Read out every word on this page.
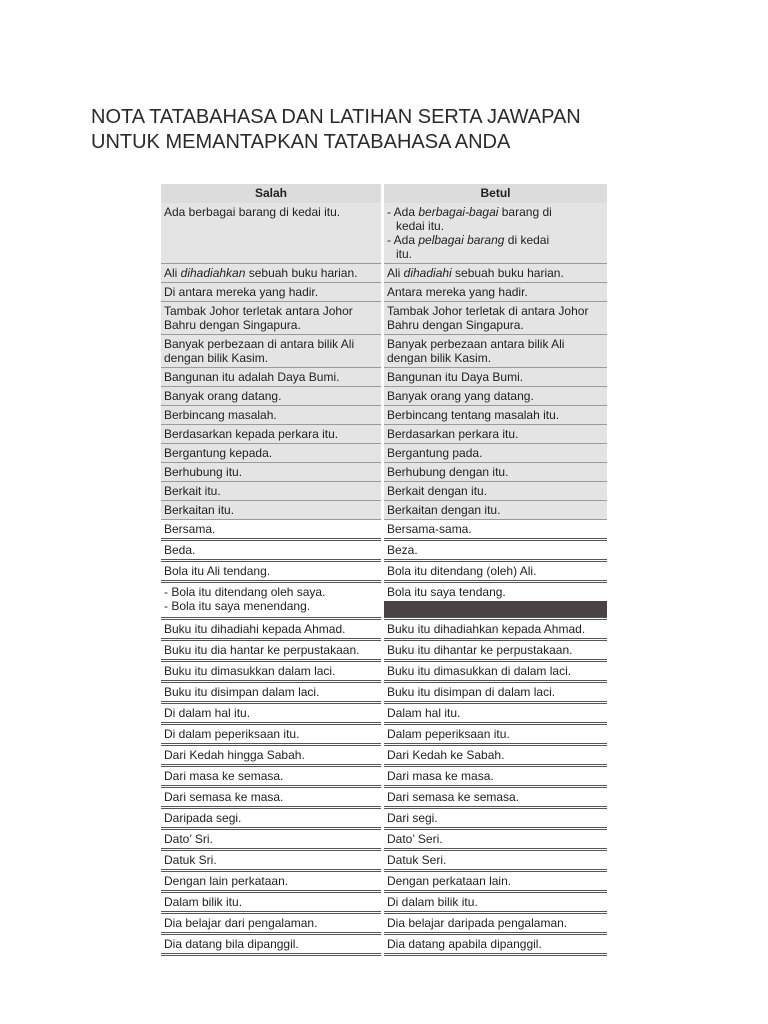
NOTA TATABAHASA DAN LATIHAN SERTA JAWAPAN
UNTUK MEMANTAPKAN TATABAHASA ANDA
Salah		Betul
Ada berbagai barang di kedai itu.		- Ada berbagai-bagai barang di
kedai itu.
- Ada pelbagai barang di kedai
itu.

Ali dihadiahkan sebuah buku harian.		Ali dihadiahi sebuah buku harian.
Di antara mereka yang hadir.		Antara mereka yang hadir.
Tambak Johor terletak antara Johor Bahru dengan Singapura.		Tambak Johor terletak di antara Johor Bahru dengan Singapura.
Banyak perbezaan di antara bilik Ali dengan bilik Kasim.		Banyak perbezaan antara bilik Ali dengan bilik Kasim.
Bangunan itu adalah Daya Bumi.		Bangunan itu Daya Bumi.
Banyak orang datang.		Banyak orang yang datang.
Berbincang masalah.		Berbincang tentang masalah itu.
Berdasarkan kepada perkara itu.		Berdasarkan perkara itu.
Bergantung kepada.		Bergantung pada.
Berhubung itu.		Berhubung dengan itu.
Berkait itu.		Berkait dengan itu.
Berkaitan itu.		Berkaitan dengan itu.
Bersama.		Bersama-sama.
Beda.		Beza.
Bola itu Ali tendang.		Bola itu ditendang (oleh) Ali.

- Bola itu ditendang oleh saya.
- Bola itu saya menendang.		Bola itu saya tendang.

Buku itu dihadiahi kepada Ahmad.		Buku itu dihadiahkan kepada Ahmad.
Buku itu dia hantar ke perpustakaan.		Buku itu dihantar ke perpustakaan.
Buku itu dimasukkan dalam laci.		Buku itu dimasukkan di dalam laci.
Buku itu disimpan dalam laci.		Buku itu disimpan di dalam laci.
Di dalam hal itu.		Dalam hal itu.
Di dalam peperiksaan itu.		Dalam peperiksaan itu.
Dari Kedah hingga Sabah.		Dari Kedah ke Sabah.
Dari masa ke semasa.		Dari masa ke masa.
Dari semasa ke masa.		Dari semasa ke semasa.
Daripada segi.		Dari segi.
Dato’ Sri.		Dato’ Seri.
Datuk Sri.		Datuk Seri.
Dengan lain perkataan.		Dengan perkataan lain.
Dalam bilik itu.		Di dalam bilik itu.
Dia belajar dari pengalaman.		Dia belajar daripada pengalaman.
Dia datang bila dipanggil.		Dia datang apabila dipanggil.
